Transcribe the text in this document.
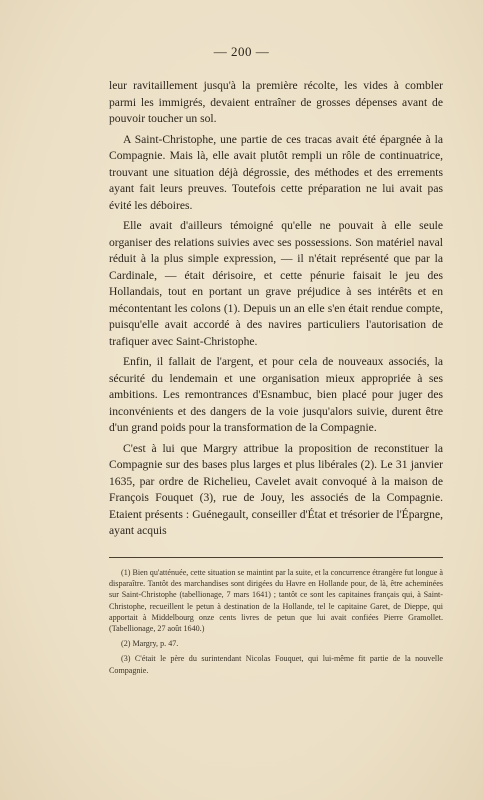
— 200 —

leur ravitaillement jusqu'à la première récolte, les vides à combler parmi les immigrés, devaient entraîner de grosses dépenses avant de pouvoir toucher un sol.

A Saint-Christophe, une partie de ces tracas avait été épargnée à la Compagnie. Mais là, elle avait plutôt rempli un rôle de continuatrice, trouvant une situation déjà dégrossie, des méthodes et des errements ayant fait leurs preuves. Toutefois cette préparation ne lui avait pas évité les déboires.

Elle avait d'ailleurs témoigné qu'elle ne pouvait à elle seule organiser des relations suivies avec ses possessions. Son matériel naval réduit à la plus simple expression, — il n'était représenté que par la Cardinale, — était dérisoire, et cette pénurie faisait le jeu des Hollandais, tout en portant un grave préjudice à ses intérêts et en mécontentant les colons (1). Depuis un an elle s'en était rendue compte, puisqu'elle avait accordé à des navires particuliers l'autorisation de trafiquer avec Saint-Christophe.

Enfin, il fallait de l'argent, et pour cela de nouveaux associés, la sécurité du lendemain et une organisation mieux appropriée à ses ambitions. Les remontrances d'Esnambuc, bien placé pour juger des inconvénients et des dangers de la voie jusqu'alors suivie, durent être d'un grand poids pour la transformation de la Compagnie.

C'est à lui que Margry attribue la proposition de reconstituer la Compagnie sur des bases plus larges et plus libérales (2). Le 31 janvier 1635, par ordre de Richelieu, Cavelet avait convoqué à la maison de François Fouquet (3), rue de Jouy, les associés de la Compagnie. Etaient présents : Guénegault, conseiller d'État et trésorier de l'Épargne, ayant acquis

(1) Bien qu'atténuée, cette situation se maintint par la suite, et la concurrence étrangère fut longue à disparaître. Tantôt des marchandises sont dirigées du Havre en Hollande pour, de là, être acheminées sur Saint-Christophe (tabellionage, 7 mars 1641) ; tantôt ce sont les capitaines français qui, à Saint-Christophe, recueillent le petun à destination de la Hollande, tel le capitaine Garet, de Dieppe, qui apportait à Middelbourg onze cents livres de petun que lui avait confiées Pierre Gramollet. (Tabellionage, 27 août 1640.)

(2) Margry, p. 47.

(3) C'était le père du surintendant Nicolas Fouquet, qui lui-même fit partie de la nouvelle Compagnie.
